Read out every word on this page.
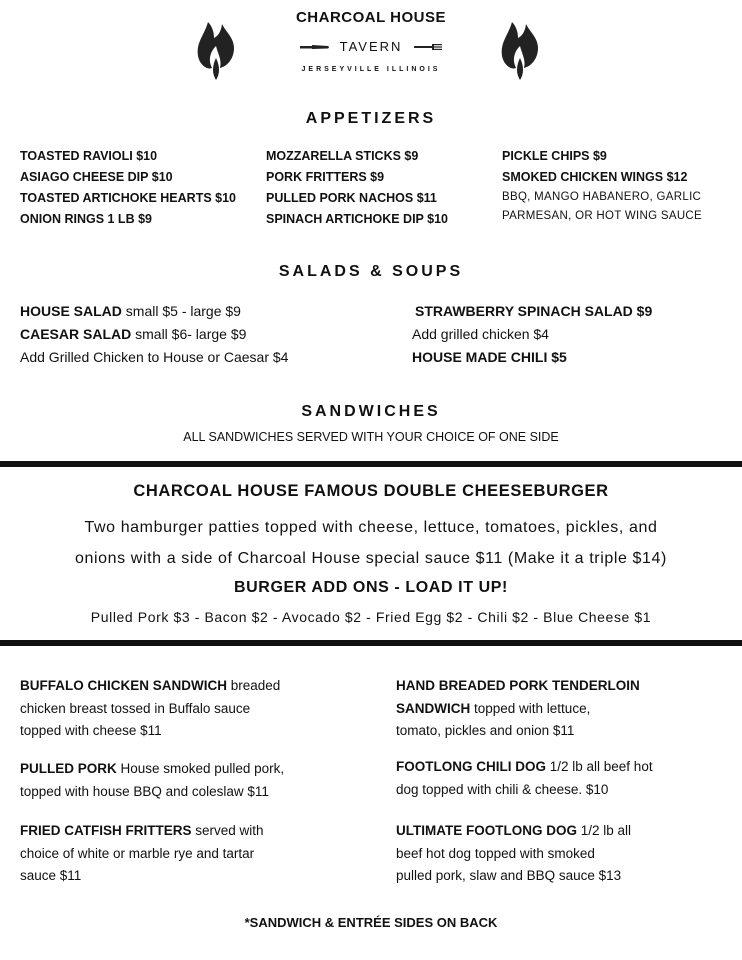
CHARCOAL HOUSE
TAVERN
JERSEYVILLE ILLINOIS
APPETIZERS
TOASTED RAVIOLI $10
ASIAGO CHEESE DIP $10
TOASTED ARTICHOKE HEARTS $10
ONION RINGS 1 LB $9
MOZZARELLA STICKS $9
PORK FRITTERS $9
PULLED PORK NACHOS $11
SPINACH ARTICHOKE DIP $10
PICKLE CHIPS $9
SMOKED CHICKEN WINGS $12
BBQ, MANGO HABANERO, GARLIC
PARMESAN, OR HOT WING SAUCE
SALADS & SOUPS
HOUSE SALAD small $5 - large $9
CAESAR SALAD small $6- large $9
Add Grilled Chicken to House or Caesar $4
STRAWBERRY SPINACH SALAD $9
Add grilled chicken $4
HOUSE MADE CHILI $5
SANDWICHES
ALL SANDWICHES SERVED WITH YOUR CHOICE OF ONE SIDE
CHARCOAL HOUSE FAMOUS DOUBLE CHEESEBURGER
Two hamburger patties topped with cheese, lettuce, tomatoes, pickles, and
onions with a side of Charcoal House special sauce $11 (Make it a triple $14)
BURGER ADD ONS - LOAD IT UP!
Pulled Pork $3 - Bacon $2 - Avocado $2 - Fried Egg $2 - Chili $2 - Blue Cheese $1
BUFFALO CHICKEN SANDWICH breaded
chicken breast tossed in Buffalo sauce
topped with cheese $11
PULLED PORK House smoked pulled pork,
topped with house BBQ and coleslaw $11
FRIED CATFISH FRITTERS served with
choice of white or marble rye and tartar
sauce $11
HAND BREADED PORK TENDERLOIN
SANDWICH topped with lettuce,
tomato, pickles and onion $11
FOOTLONG CHILI DOG 1/2 lb all beef hot
dog topped with chili & cheese. $10
ULTIMATE FOOTLONG DOG 1/2 lb all
beef hot dog topped with smoked
pulled pork, slaw and BBQ sauce $13
*SANDWICH & ENTRÉE SIDES ON BACK
